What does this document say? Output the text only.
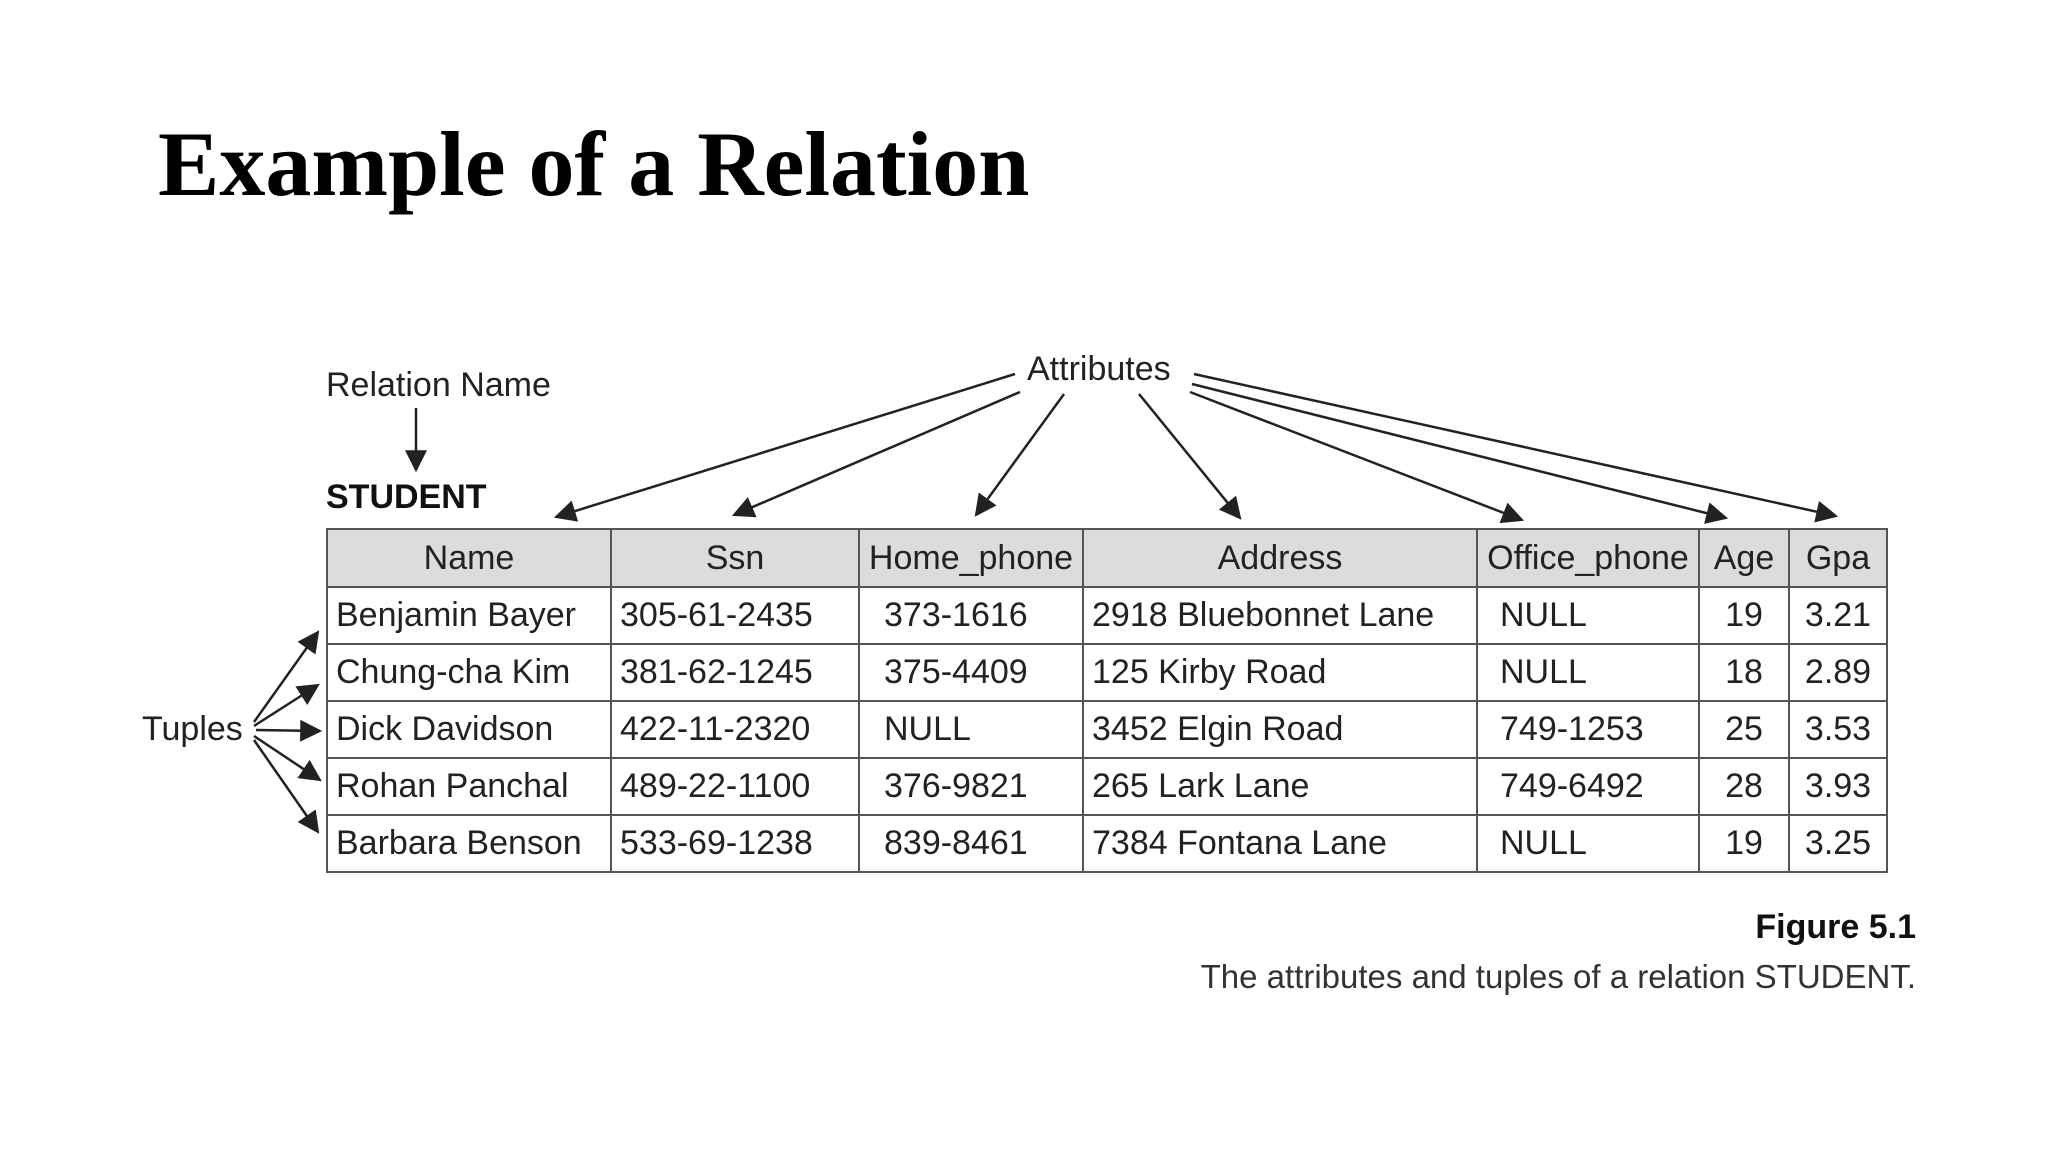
Example of a Relation
Relation Name	Attributes
Tuples
STUDENT
Name	Ssn	Home_phone	Address	Office_phone	Age	Gpa
Benjamin Bayer	305-61-2435	373-1616	2918 Bluebonnet Lane	NULL	19	3.21
Chung-cha Kim	381-62-1245	375-4409	125 Kirby Road	NULL	18	2.89
Dick Davidson	422-11-2320	NULL	3452 Elgin Road	749-1253	25	3.53
Rohan Panchal	489-22-1100	376-9821	265 Lark Lane	749-6492	28	3.93
Barbara Benson	533-69-1238	839-8461	7384 Fontana Lane	NULL	19	3.25
Figure 5.1
The attributes and tuples of a relation STUDENT.
